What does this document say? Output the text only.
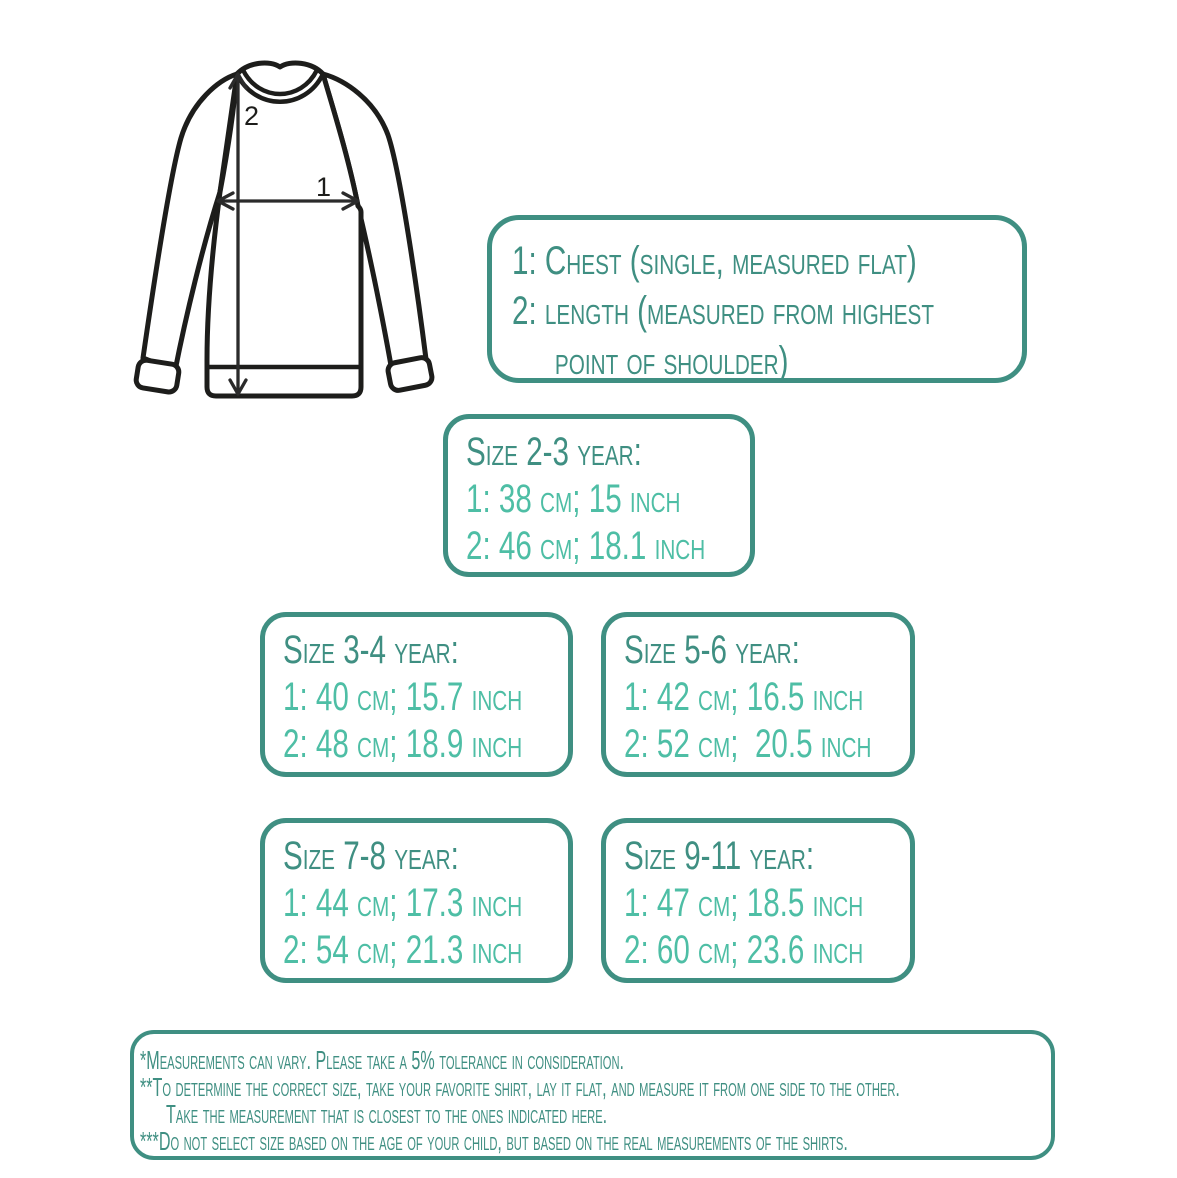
2
1
1: Chest (single, measured flat)
2: length (measured from highest
point of shoulder)
Size 2-3 year:
1: 38 cm; 15 inch
2: 46 cm; 18.1 inch
Size 3-4 year:
1: 40 cm; 15.7 inch
2: 48 cm; 18.9 inch
Size 5-6 year:
1: 42 cm; 16.5 inch
2: 52 cm;  20.5 inch
Size 7-8 year:
1: 44 cm; 17.3 inch
2: 54 cm; 21.3 inch
Size 9-11 year:
1: 47 cm; 18.5 inch
2: 60 cm; 23.6 inch
*Measurements can vary. Please take a 5% tolerance in consideration.
**To determine the correct size, take your favorite shirt, lay it flat, and measure it from one side to the other.
Take the measurement that is closest to the ones indicated here.
***Do not select size based on the age of your child, but based on the real measurements of the shirts.
